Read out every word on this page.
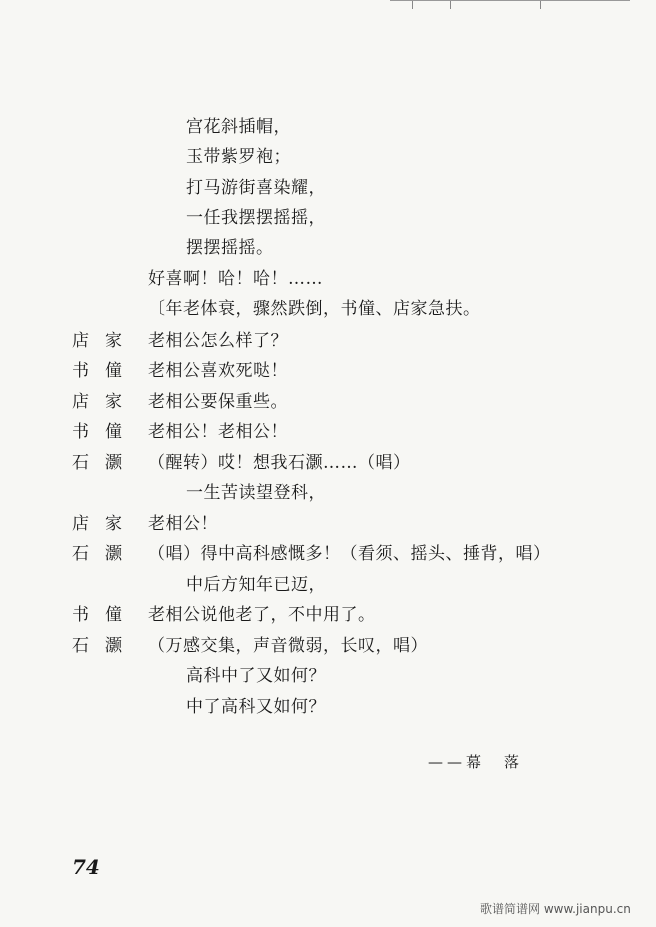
宫花斜插帽，
玉带紫罗袍；
打马游街喜染耀，
一任我摆摆摇摇，
摆摆摇摇。
好喜啊！哈！哈！……
〔年老体衰，骤然跌倒，书僮、店家急扶。
店家 老相公怎么样了？
书僮 老相公喜欢死哒！
店家 老相公要保重些。
书僮 老相公！老相公！
石灏 （醒转）哎！想我石灏……（唱）
一生苦读望登科，
店家 老相公！
石灏 （唱）得中高科感慨多！（看须、摇头、捶背，唱）
中后方知年已迈，
书僮 老相公说他老了，不中用了。
石灏 （万感交集，声音微弱，长叹，唱）
高科中了又如何？
中了高科又如何？
——幕　落
74
歌谱简谱网 www.jianpu.cn
